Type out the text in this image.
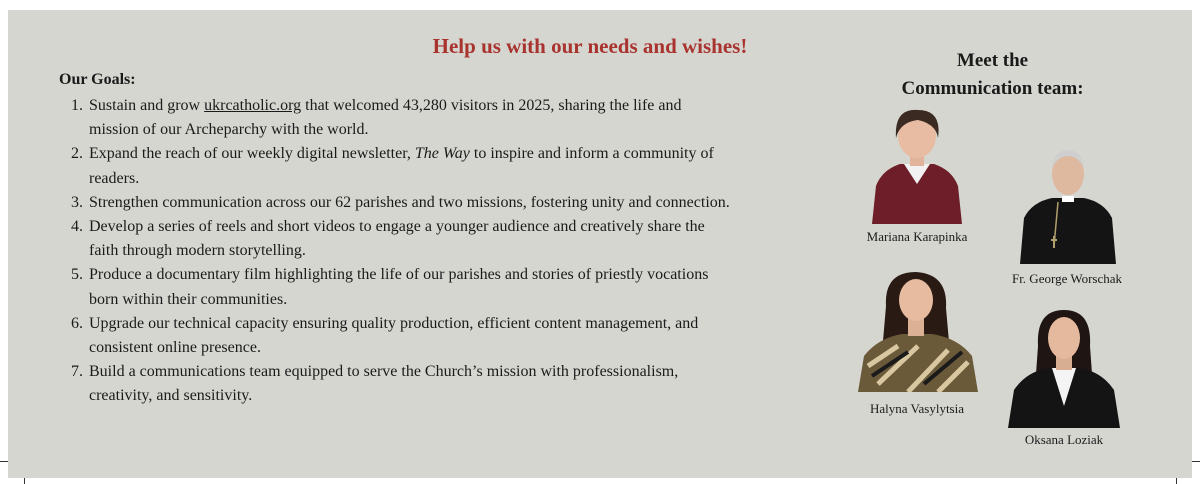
Help us with our needs and wishes!
Our Goals:
1. Sustain and grow ukrcatholic.org that welcomed 43,280 visitors in 2025, sharing the life and
mission of our Archeparchy with the world.
2. Expand the reach of our weekly digital newsletter, The Way to inspire and inform a community of
readers.
3. Strengthen communication across our 62 parishes and two missions, fostering unity and connection.
4. Develop a series of reels and short videos to engage a younger audience and creatively share the
faith through modern storytelling.
5. Produce a documentary film highlighting the life of our parishes and stories of priestly vocations
born within their communities.
6. Upgrade our technical capacity ensuring quality production, efficient content management, and
consistent online presence.
7. Build a communications team equipped to serve the Church’s mission with professionalism,
creativity, and sensitivity.
Meet the
Communication team:
Mariana Karapinka
Fr. George Worschak
Halyna Vasylytsia
Oksana Loziak
